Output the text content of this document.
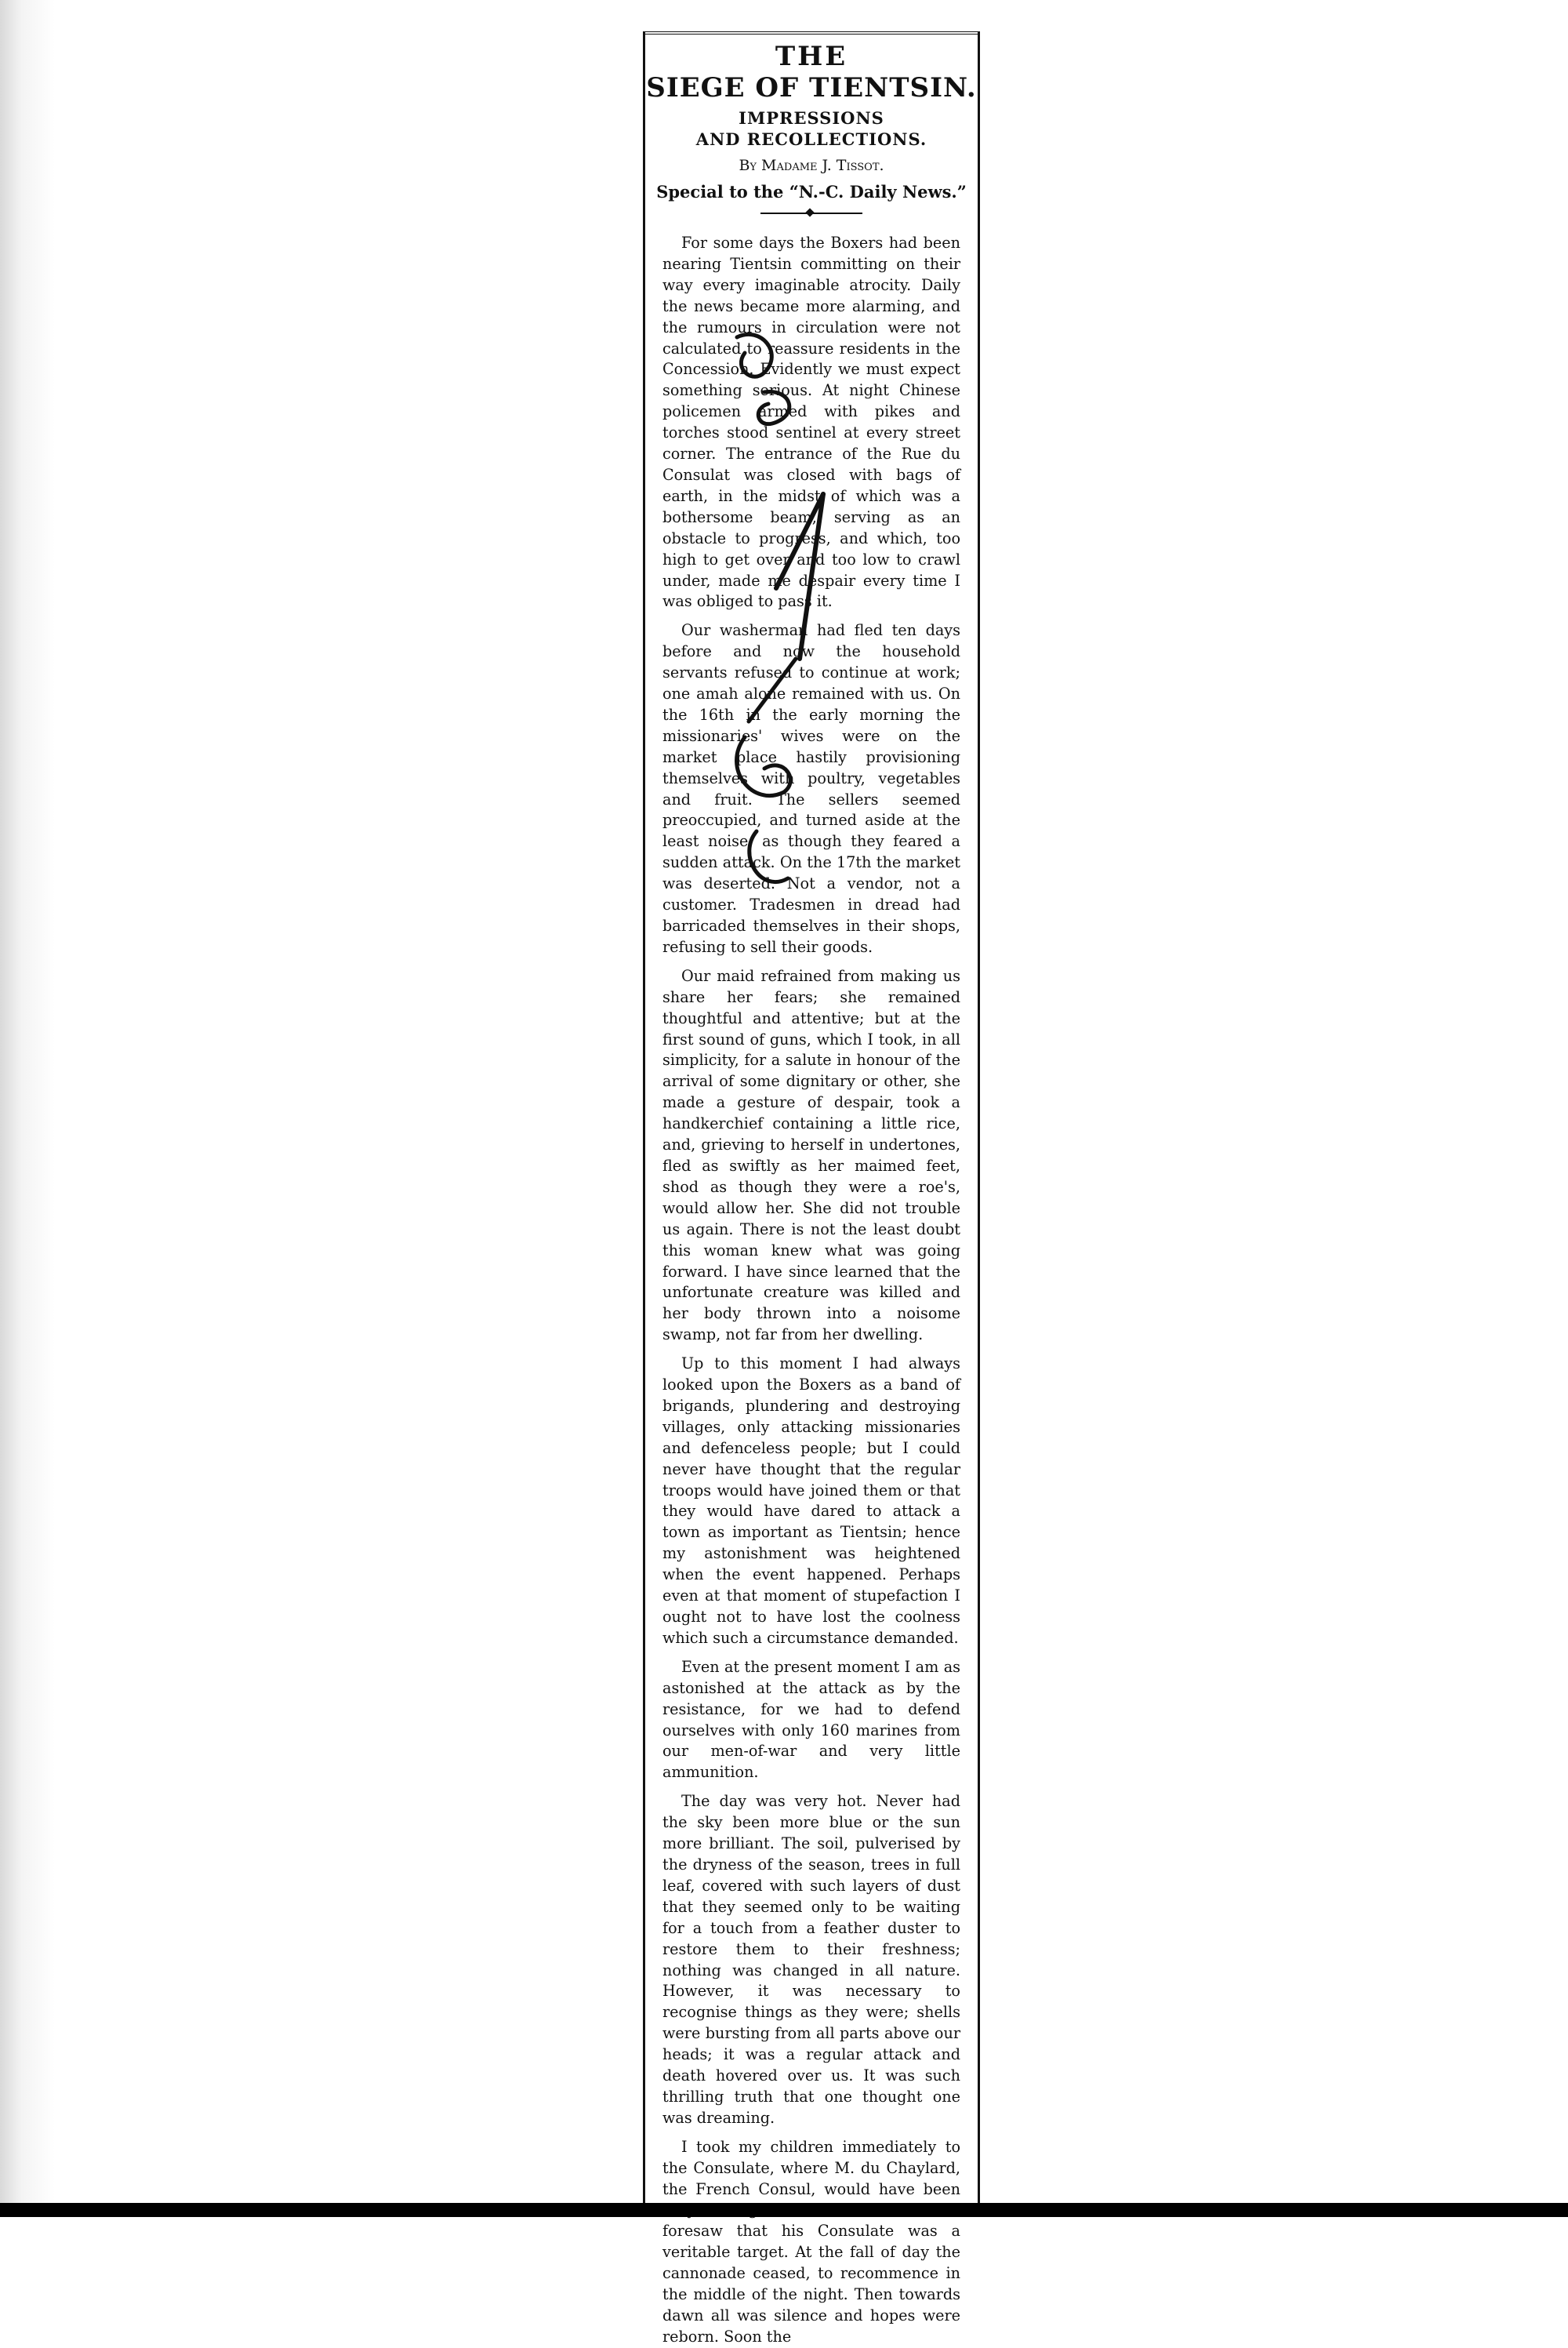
THE
SIEGE OF TIENTSIN.
IMPRESSIONS
AND RECOLLECTIONS.
By Madame J. Tissot.
Special to the “N.-C. Daily News.”

For some days the Boxers had been nearing Tientsin committing on their way every imaginable atrocity. Daily the news became more alarming, and the rumours in circulation were not calculated to reassure residents in the Concession. Evidently we must expect something serious. At night Chinese policemen armed with pikes and torches stood sentinel at every street corner. The entrance of the Rue du Consulat was closed with bags of earth, in the midst of which was a bothersome beam, serving as an obstacle to progress, and which, too high to get over and too low to crawl under, made me despair every time I was obliged to pass it.

Our washerman had fled ten days before and now the household servants refused to continue at work; one amah alone remained with us. On the 16th in the early morning the missionaries' wives were on the market place hastily provisioning themselves with poultry, vegetables and fruit. The sellers seemed preoccupied, and turned aside at the least noise, as though they feared a sudden attack. On the 17th the market was deserted. Not a vendor, not a customer. Tradesmen in dread had barricaded themselves in their shops, refusing to sell their goods.

Our maid refrained from making us share her fears; she remained thoughtful and attentive; but at the first sound of guns, which I took, in all simplicity, for a salute in honour of the arrival of some dignitary or other, she made a gesture of despair, took a handkerchief containing a little rice, and, grieving to herself in undertones, fled as swiftly as her maimed feet, shod as though they were a roe's, would allow her. She did not trouble us again. There is not the least doubt this woman knew what was going forward. I have since learned that the unfortunate creature was killed and her body thrown into a noisome swamp, not far from her dwelling.

Up to this moment I had always looked upon the Boxers as a band of brigands, plundering and destroying villages, only attacking missionaries and defenceless people; but I could never have thought that the regular troops would have joined them or that they would have dared to attack a town as important as Tientsin; hence my astonishment was heightened when the event happened. Perhaps even at that moment of stupefaction I ought not to have lost the coolness which such a circumstance demanded.

Even at the present moment I am as astonished at the attack as by the resistance, for we had to defend ourselves with only 160 marines from our men-of-war and very little ammunition.

The day was very hot. Never had the sky been more blue or the sun more brilliant. The soil, pulverised by the dryness of the season, trees in full leaf, covered with such layers of dust that they seemed only to be waiting for a touch from a feather duster to restore them to their freshness; nothing was changed in all nature. However, it was necessary to recognise things as they were; shells were bursting from all parts above our heads; it was a regular attack and death hovered over us. It was such thrilling truth that one thought one was dreaming.

I took my children immediately to the Consulate, where M. du Chaylard, the French Consul, would have been foresaw that his Consulate was a veritable target. At the fall of day the cannonade ceased, to recommence in the middle of the night. Then towards dawn all was silence and hopes were reborn. Soon the
